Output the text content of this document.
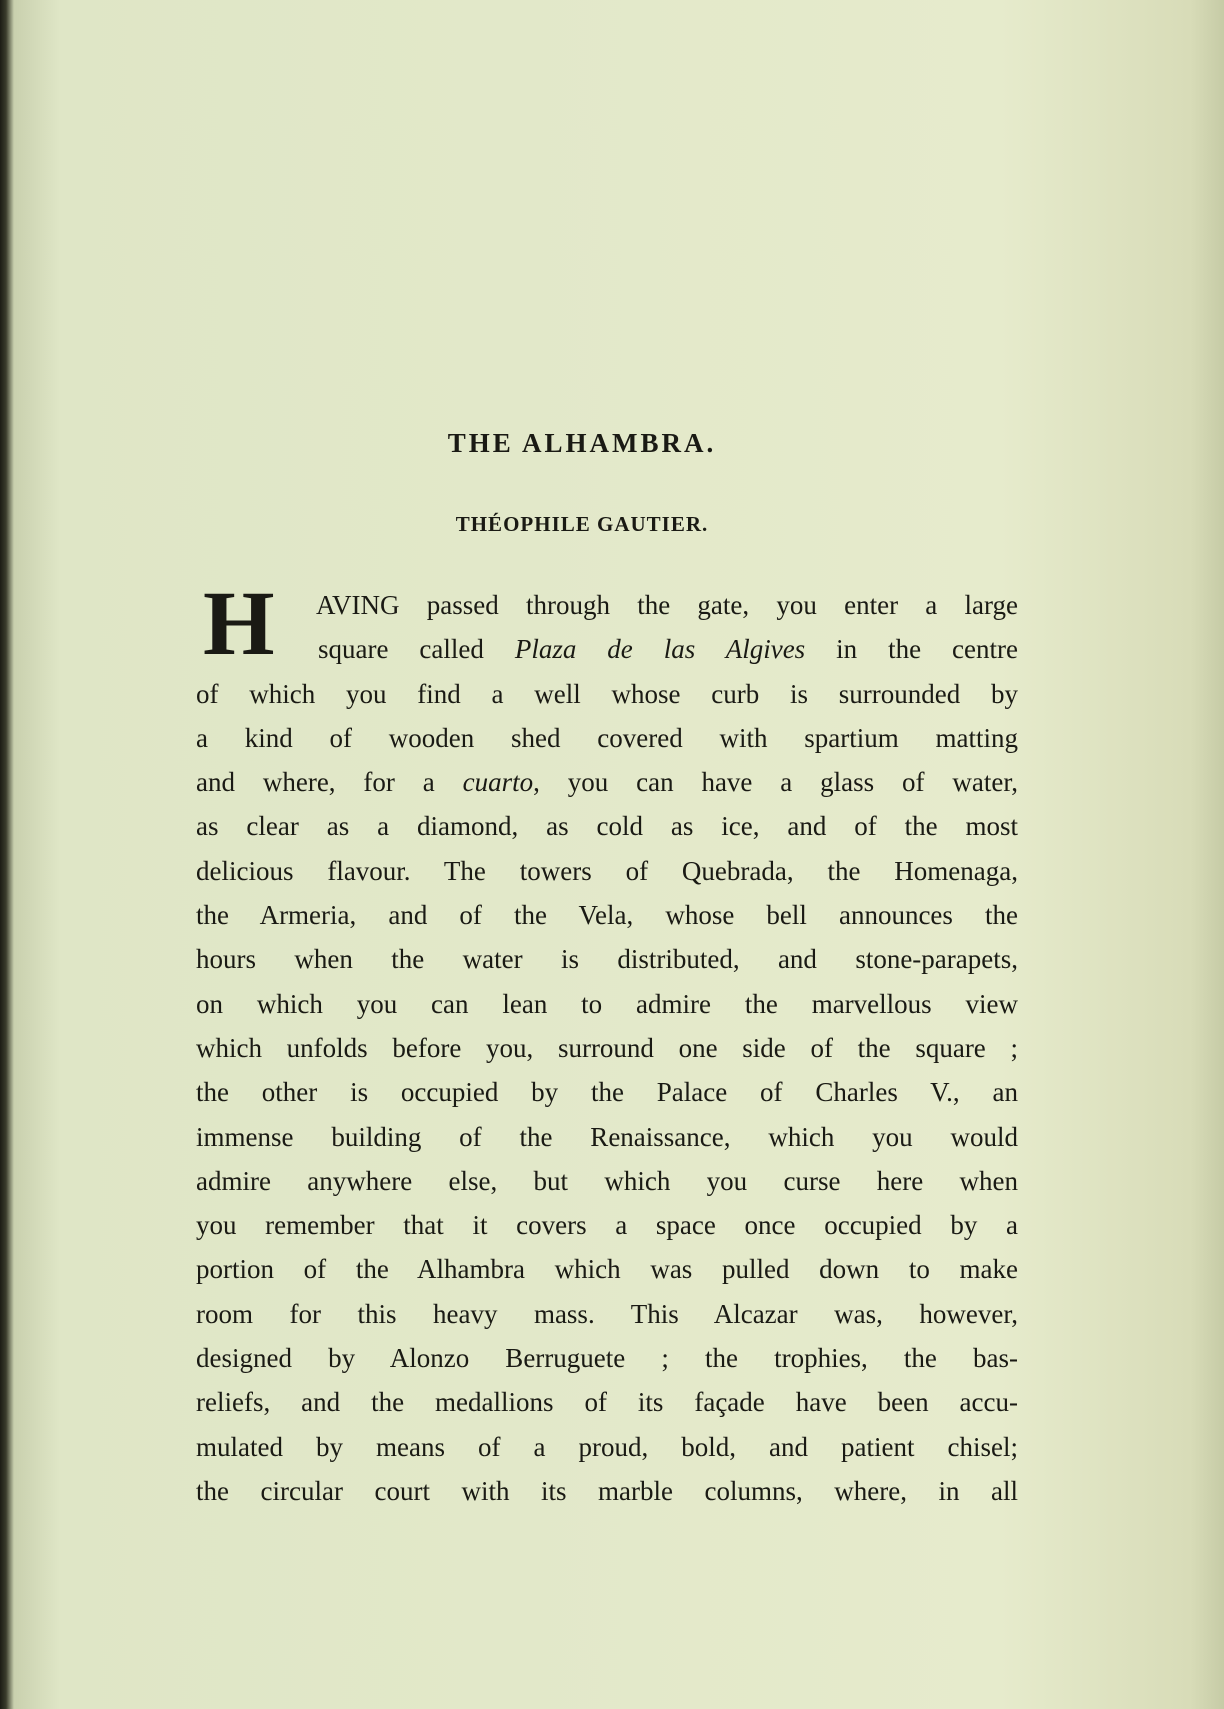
THE ALHAMBRA.
THÉOPHILE GAUTIER.
H	AVING passed through the gate, you enter a large
square called Plaza de las Algives in the centre
of which you find a well whose curb is surrounded by
a kind of wooden shed covered with spartium matting
and where, for a cuarto, you can have a glass of water,
as clear as a diamond, as cold as ice, and of the most
delicious flavour. The towers of Quebrada, the Homenaga,
the Armeria, and of the Vela, whose bell announces the
hours when the water is distributed, and stone-parapets,
on which you can lean to admire the marvellous view
which unfolds before you, surround one side of the square ;
the other is occupied by the Palace of Charles V., an
immense building of the Renaissance, which you would
admire anywhere else, but which you curse here when
you remember that it covers a space once occupied by a
portion of the Alhambra which was pulled down to make
room for this heavy mass. This Alcazar was, however,
designed by Alonzo Berruguete ; the trophies, the bas-
reliefs, and the medallions of its façade have been accu-
mulated by means of a proud, bold, and patient chisel;
the circular court with its marble columns, where, in all
